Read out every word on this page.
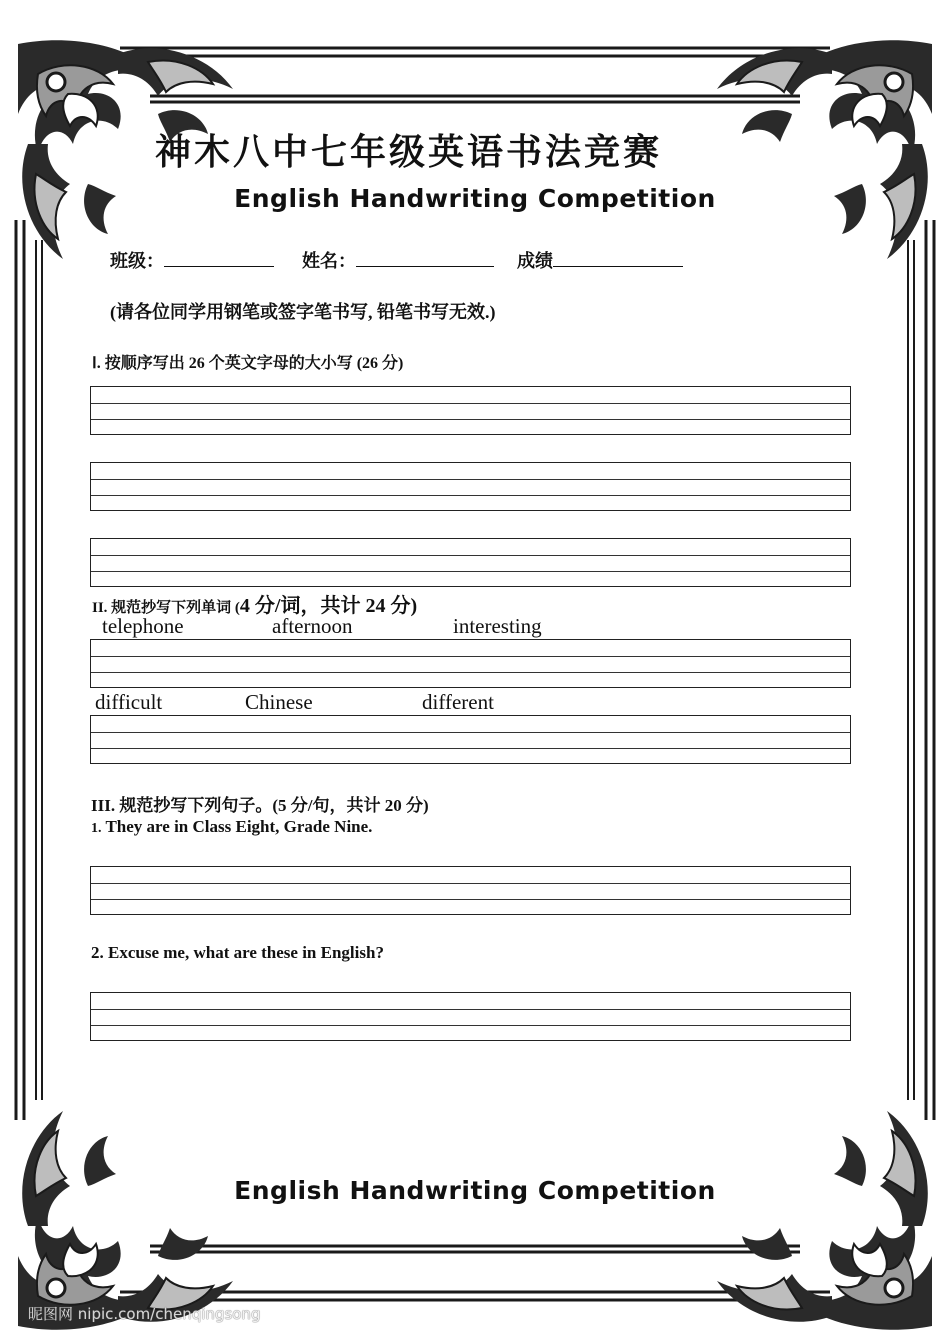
神木八中七年级英语书法竞赛
English Handwriting Competition
班级：	姓名：	成绩
(请各位同学用钢笔或签字笔书写, 铅笔书写无效.)
Ⅰ. 按顺序写出 26 个英文字母的大小写 (26 分)
II. 规范抄写下列单词 (4 分/词，共计 24 分)
telephone	afternoon	interesting
difficult	Chinese	different
III. 规范抄写下列句子。(5 分/句，共计 20 分)
1. They are in Class Eight, Grade Nine.
2. Excuse me, what are these in English?
English Handwriting Competition
昵图网 nipic.com/chenqingsong
